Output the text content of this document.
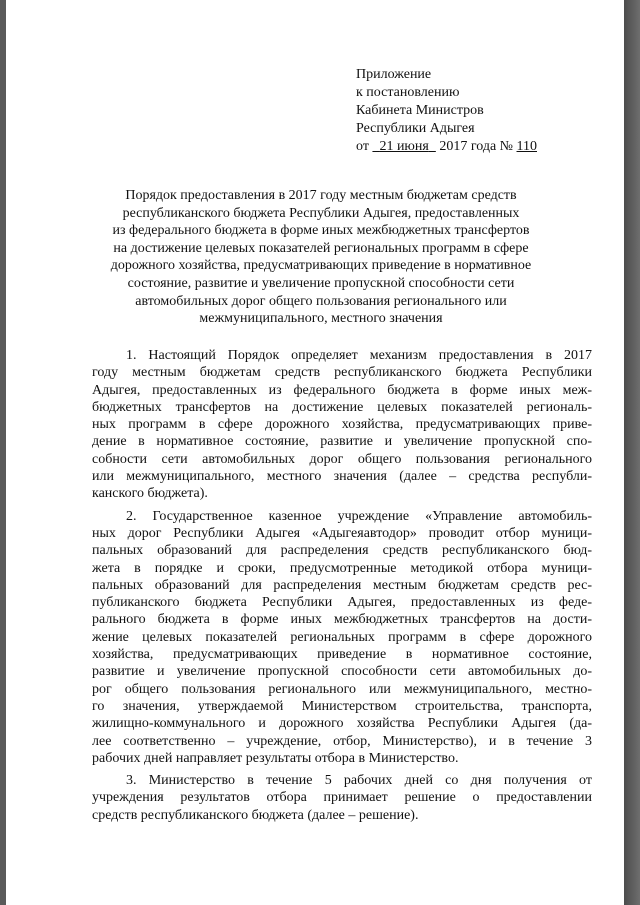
Приложение
к постановлению
Кабинета Министров
Республики Адыгея
от 21 июня 2017 года № 110
Порядок предоставления в 2017 году местным бюджетам средств
республиканского бюджета Республики Адыгея, предоставленных
из федерального бюджета в форме иных межбюджетных трансфертов
на достижение целевых показателей региональных программ в сфере
дорожного хозяйства, предусматривающих приведение в нормативное
состояние, развитие и увеличение пропускной способности сети
автомобильных дорог общего пользования регионального или
межмуниципального, местного значения
1. Настоящий Порядок определяет механизм предоставления в 2017
году местным бюджетам средств республиканского бюджета Республики
Адыгея, предоставленных из федерального бюджета в форме иных меж-
бюджетных трансфертов на достижение целевых показателей региональ-
ных программ в сфере дорожного хозяйства, предусматривающих приве-
дение в нормативное состояние, развитие и увеличение пропускной спо-
собности сети автомобильных дорог общего пользования регионального
или межмуниципального, местного значения (далее – средства республи-
канского бюджета).
2. Государственное казенное учреждение «Управление автомобиль-
ных дорог Республики Адыгея «Адыгеяавтодор» проводит отбор муници-
пальных образований для распределения средств республиканского бюд-
жета в порядке и сроки, предусмотренные методикой отбора муници-
пальных образований для распределения местным бюджетам средств рес-
публиканского бюджета Республики Адыгея, предоставленных из феде-
рального бюджета в форме иных межбюджетных трансфертов на дости-
жение целевых показателей региональных программ в сфере дорожного
хозяйства, предусматривающих приведение в нормативное состояние,
развитие и увеличение пропускной способности сети автомобильных до-
рог общего пользования регионального или межмуниципального, местно-
го значения, утверждаемой Министерством строительства, транспорта,
жилищно-коммунального и дорожного хозяйства Республики Адыгея (да-
лее соответственно – учреждение, отбор, Министерство), и в течение 3
рабочих дней направляет результаты отбора в Министерство.
3. Министерство в течение 5 рабочих дней со дня получения от
учреждения результатов отбора принимает решение о предоставлении
средств республиканского бюджета (далее – решение).
